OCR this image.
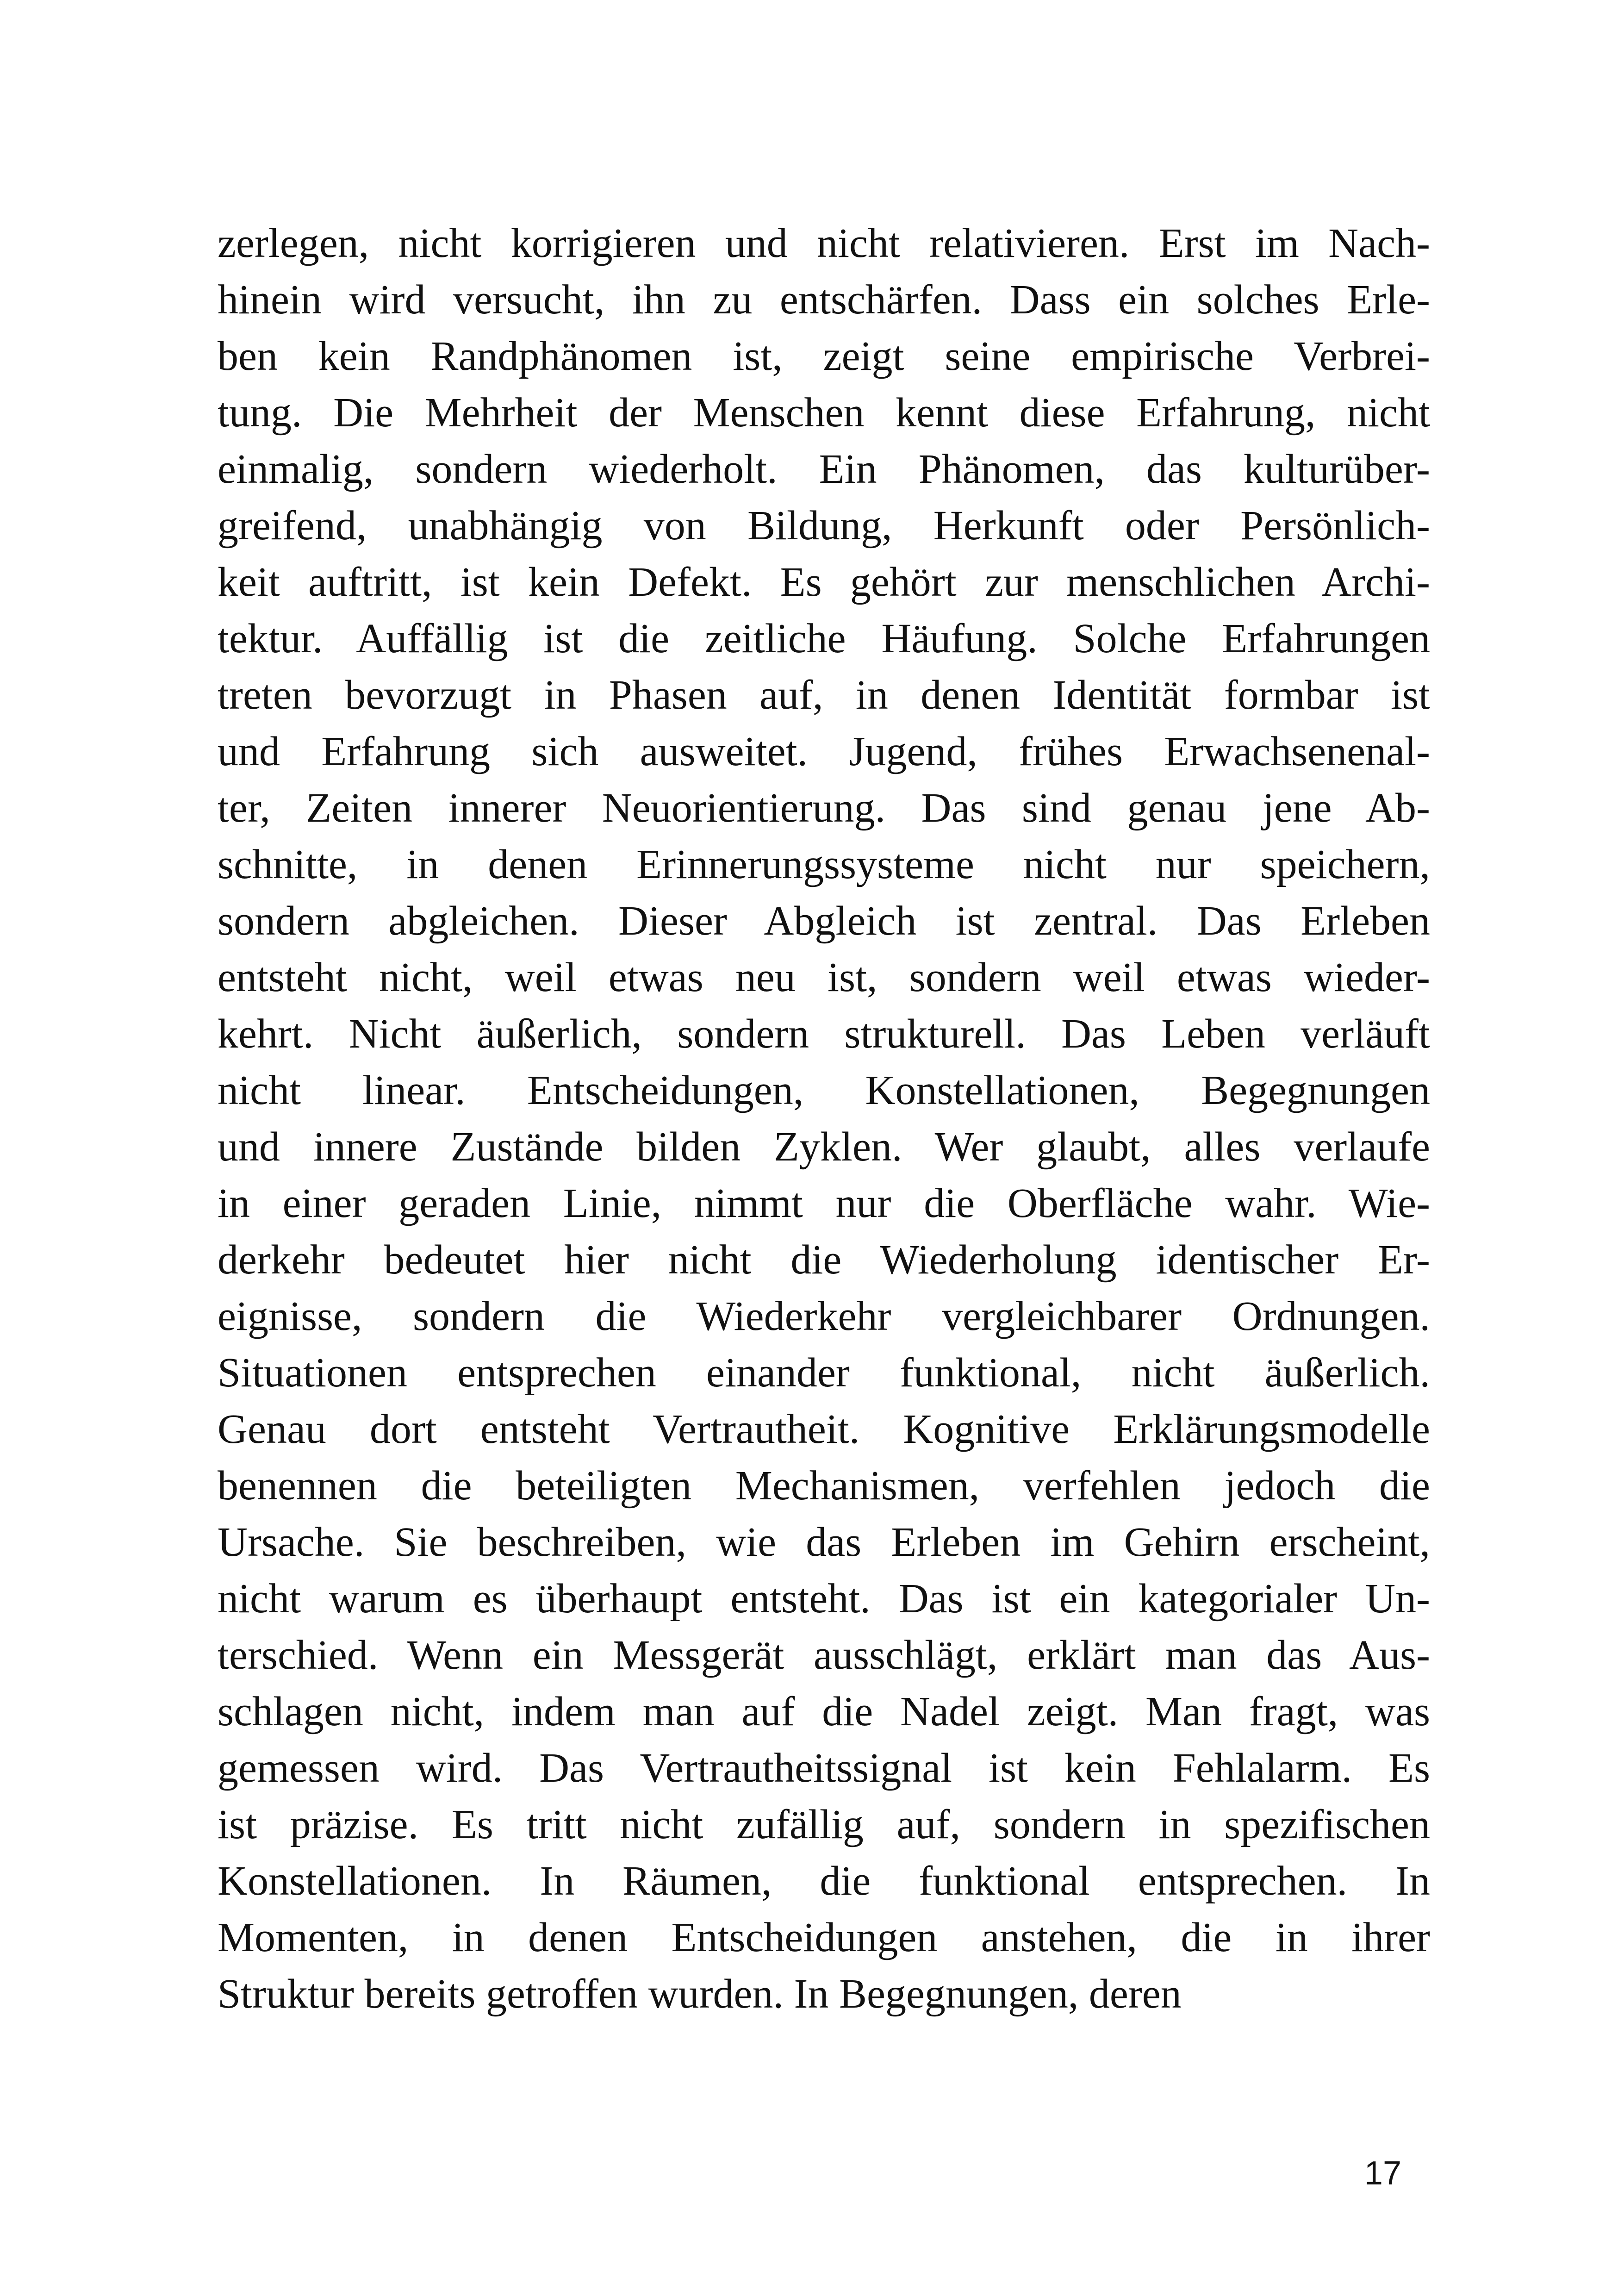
zerlegen, nicht korrigieren und nicht relativieren. Erst im Nach-
hinein wird versucht, ihn zu entschärfen. Dass ein solches Erle-
ben kein Randphänomen ist, zeigt seine empirische Verbrei-
tung. Die Mehrheit der Menschen kennt diese Erfahrung, nicht
einmalig, sondern wiederholt. Ein Phänomen, das kulturüber-
greifend, unabhängig von Bildung, Herkunft oder Persönlich-
keit auftritt, ist kein Defekt. Es gehört zur menschlichen Archi-
tektur. Auffällig ist die zeitliche Häufung. Solche Erfahrungen
treten bevorzugt in Phasen auf, in denen Identität formbar ist
und Erfahrung sich ausweitet. Jugend, frühes Erwachsenenal-
ter, Zeiten innerer Neuorientierung. Das sind genau jene Ab-
schnitte, in denen Erinnerungssysteme nicht nur speichern,
sondern abgleichen. Dieser Abgleich ist zentral. Das Erleben
entsteht nicht, weil etwas neu ist, sondern weil etwas wieder-
kehrt. Nicht äußerlich, sondern strukturell. Das Leben verläuft
nicht linear. Entscheidungen, Konstellationen, Begegnungen
und innere Zustände bilden Zyklen. Wer glaubt, alles verlaufe
in einer geraden Linie, nimmt nur die Oberfläche wahr. Wie-
derkehr bedeutet hier nicht die Wiederholung identischer Er-
eignisse, sondern die Wiederkehr vergleichbarer Ordnungen.
Situationen entsprechen einander funktional, nicht äußerlich.
Genau dort entsteht Vertrautheit. Kognitive Erklärungsmodelle
benennen die beteiligten Mechanismen, verfehlen jedoch die
Ursache. Sie beschreiben, wie das Erleben im Gehirn erscheint,
nicht warum es überhaupt entsteht. Das ist ein kategorialer Un-
terschied. Wenn ein Messgerät ausschlägt, erklärt man das Aus-
schlagen nicht, indem man auf die Nadel zeigt. Man fragt, was
gemessen wird. Das Vertrautheitssignal ist kein Fehlalarm. Es
ist präzise. Es tritt nicht zufällig auf, sondern in spezifischen
Konstellationen. In Räumen, die funktional entsprechen. In
Momenten, in denen Entscheidungen anstehen, die in ihrer
Struktur bereits getroffen wurden. In Begegnungen, deren
17
